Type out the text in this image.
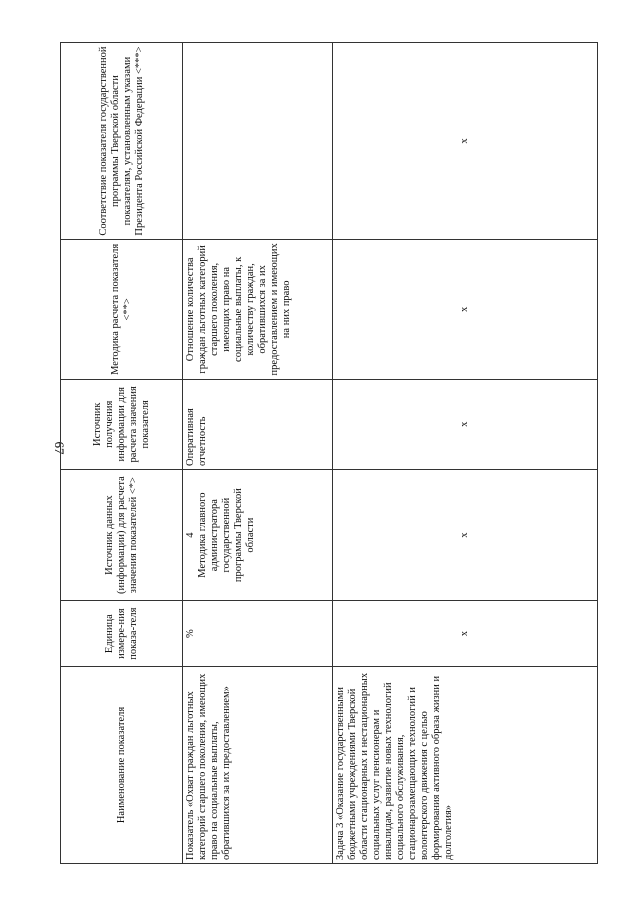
67
Наименование показателя	Единица измере-ния показа-теля	Источник данных (информации) для расчета значения показателей <*>	Источник получения информации для расчета значения показателя	Методика расчета показателя <**>	Соответствие показателя государственной программы Тверской области показателям, установленным указами Президента Российской Федерации <***>
Показатель «Охват граждан льготных категорий старшего поколения, имеющих право на социальные выплаты, обратившихся за их предоставлением»	%	4 Методика главного администратора государственной программы Тверской области	Оперативная отчетность	Отношение количества граждан льготных категорий старшего поколения, имеющих право на социальные выплаты, к количеству граждан, обратившихся за их предоставлением и имеющих на них право	
Задача 3 «Оказание государственными бюджетными учреждениями Тверской области стационарных и нестационарных социальных услуг пенсионерам и инвалидам, развитие новых технологий социального обслуживания, стационарозамещающих технологий и волонтерского движения с целью формирования активного образа жизни и долголетия»	х	х	х	х	х
